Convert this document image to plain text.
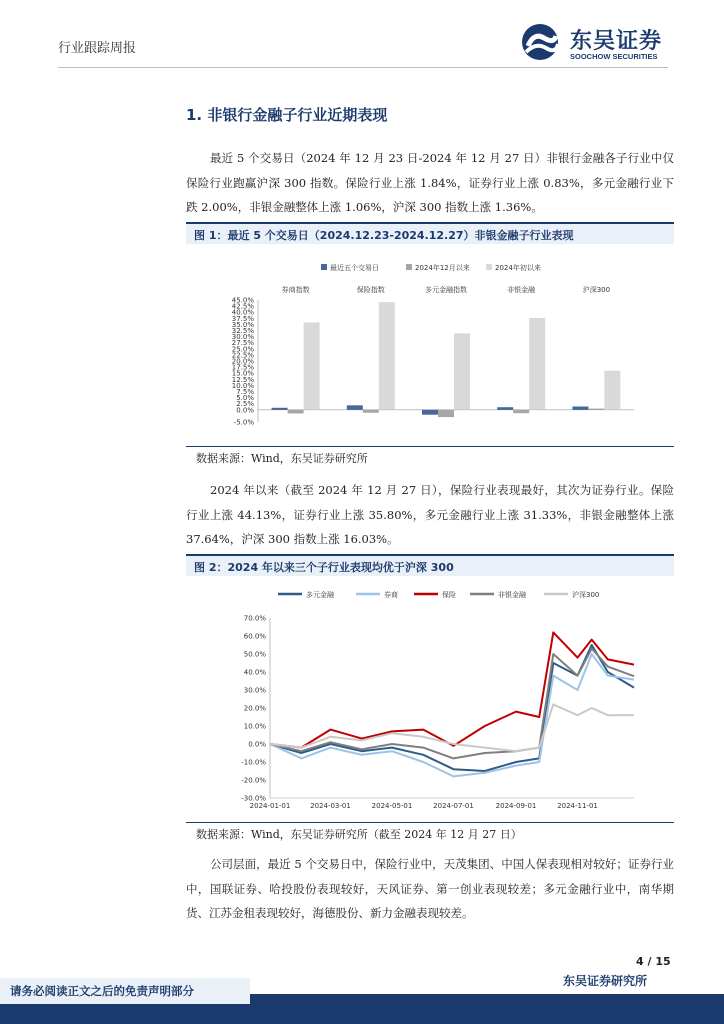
行业跟踪周报	东吴证券
SOOCHOW SECURITIES
1. 非银行金融子行业近期表现
最近 5 个交易日（2024 年 12 月 23 日-2024 年 12 月 27 日）非银行金融各子行业中仅保险行业跑赢沪深 300 指数。保险行业上涨 1.84%，证券行业上涨 0.83%，多元金融行业下跌 2.00%，非银金融整体上涨 1.06%，沪深 300 指数上涨 1.36%。
图 1：最近 5 个交易日（2024.12.23-2024.12.27）非银金融子行业表现
最近五个交易日	2024年12月以来	2024年初以来
-5.0%
0.0%
2.5%
5.0%
7.5%
10.0%
12.5%
15.0%
17.5%
20.0%
22.5%
25.0%
27.5%
30.0%
32.5%
35.0%
37.5%
40.0%
42.5%
45.0%
券商指数	保险指数	多元金融指数	非银金融	沪深300
数据来源：Wind，东吴证券研究所
2024 年以来（截至 2024 年 12 月 27 日），保险行业表现最好，其次为证券行业。保险行业上涨 44.13%，证券行业上涨 35.80%，多元金融行业上涨 31.33%，非银金融整体上涨 37.64%，沪深 300 指数上涨 16.03%。
图 2：2024 年以来三个子行业表现均优于沪深 300
多元金融	券商	保险	非银金融	沪深300
-30.0%
-20.0%
-10.0%
0.0%
10.0%
20.0%
30.0%
40.0%
50.0%
60.0%
70.0%
2024-01-01	2024-03-01	2024-05-01	2024-07-01	2024-09-01	2024-11-01
数据来源：Wind，东吴证券研究所（截至 2024 年 12 月 27 日）
公司层面，最近 5 个交易日中，保险行业中，天茂集团、中国人保表现相对较好；证券行业中，国联证券、哈投股份表现较好，天风证券、第一创业表现较差；多元金融行业中，南华期货、江苏金租表现较好，海德股份、新力金融表现较差。
4 / 15
请务必阅读正文之后的免责声明部分
东吴证券研究所
